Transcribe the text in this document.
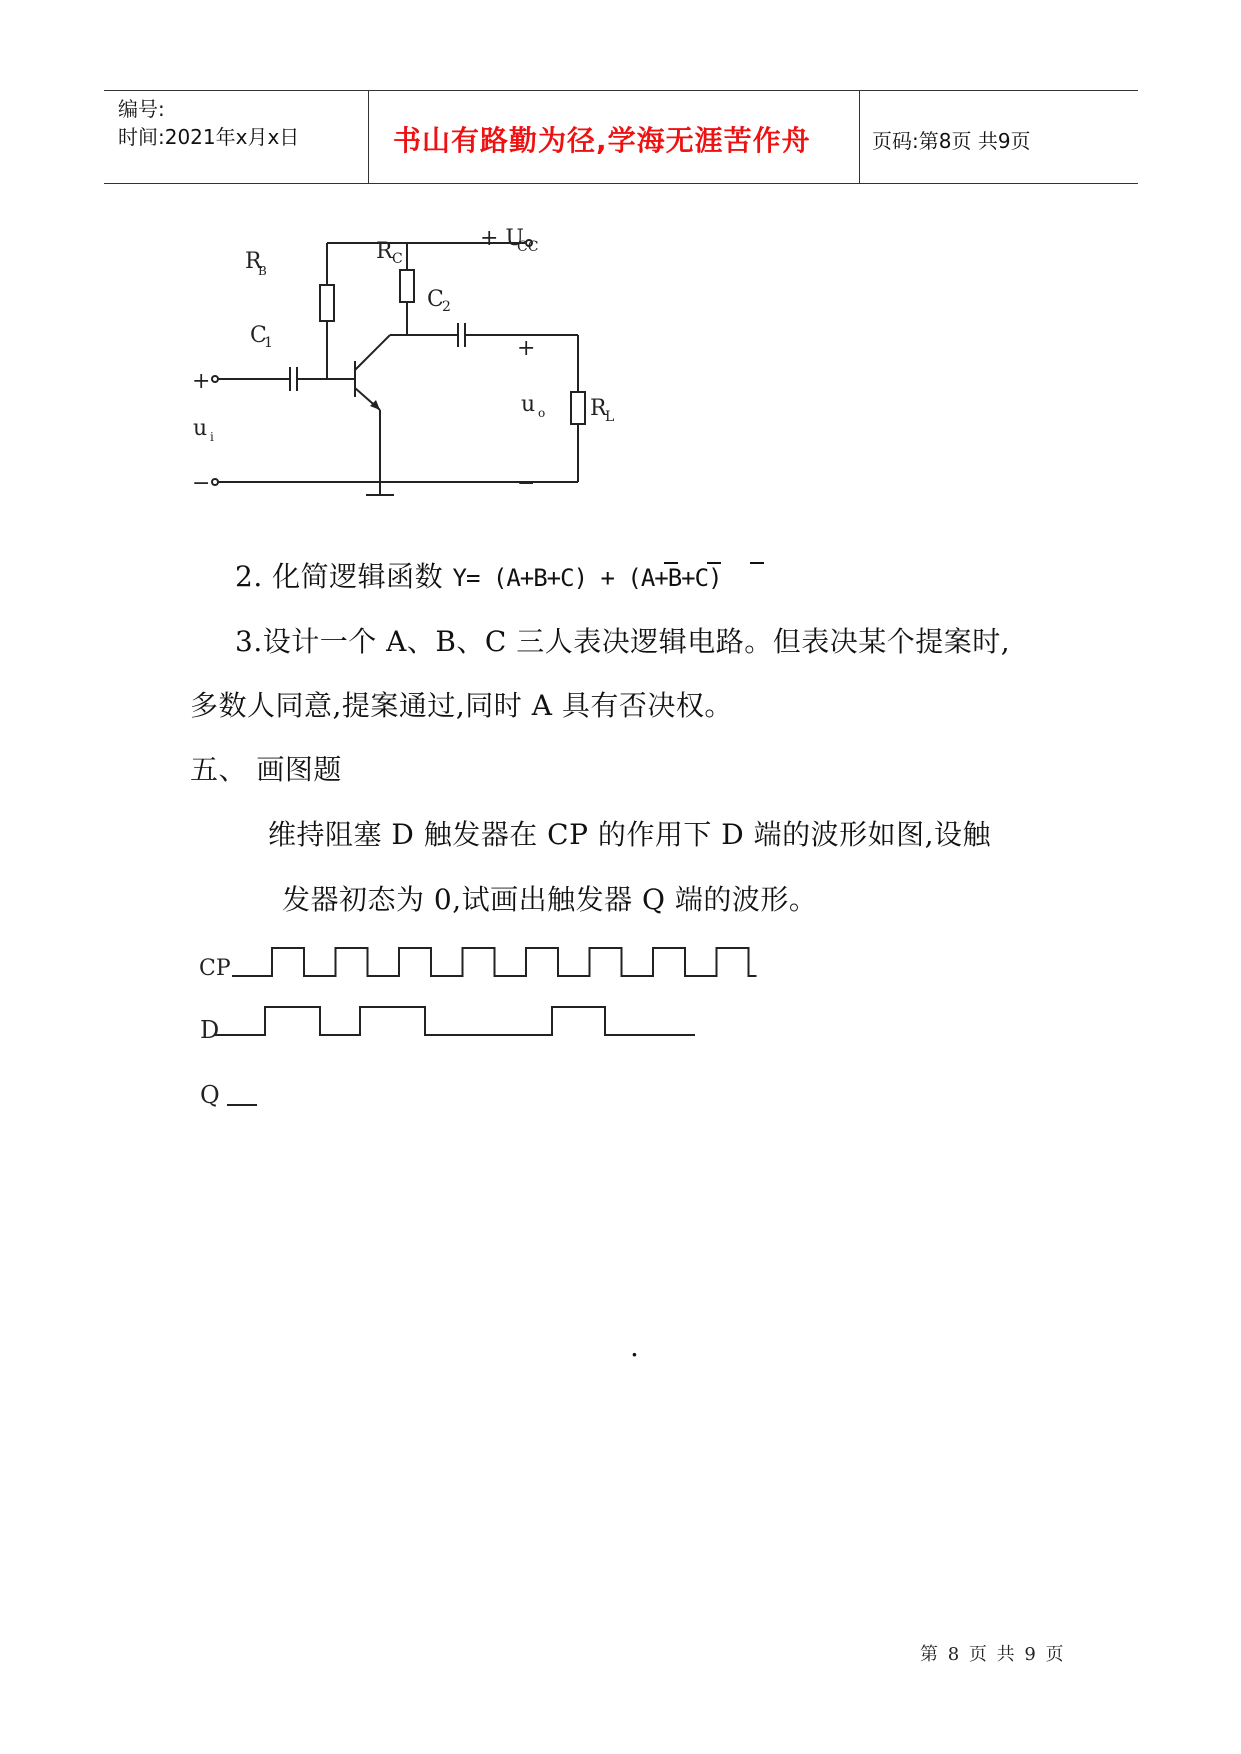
编号:
时间:2021年x月x日	书山有路勤为径,学海无涯苦作舟	页码:第8页 共9页
+ U
CC
R
B
R C
C
1
C
2
R
L
u i
u o
+
−
+
−
2. 化简逻辑函数 Y= (A+B+C) + (A+B+C)
3.设计一个 A、B、C 三人表决逻辑电路。但表决某个提案时,
多数人同意,提案通过,同时 A 具有否决权。
五、 画图题
维持阻塞 D 触发器在 CP 的作用下 D 端的波形如图,设触
发器初态为 0,试画出触发器 Q 端的波形。
CP
D
Q
.
第 8 页 共 9 页
